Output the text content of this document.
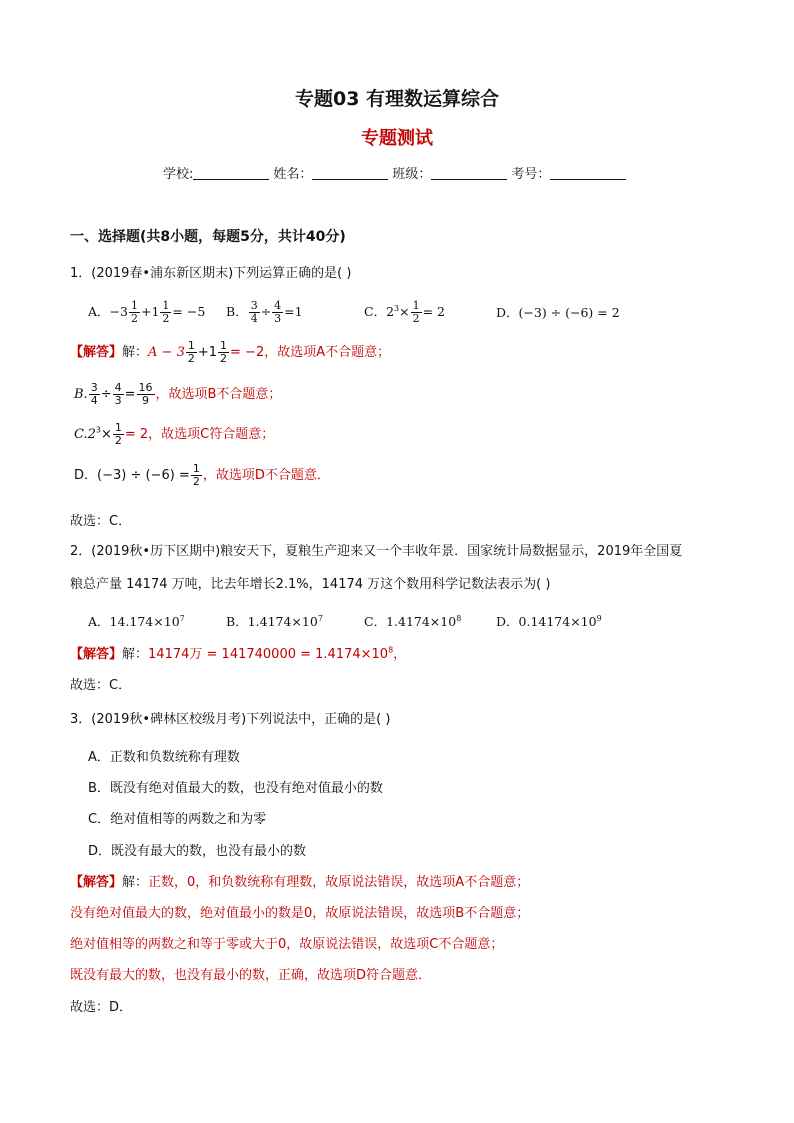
专题03 有理数运算综合
专题测试
学校:	姓名：	班级：	考号：
一、选择题(共8小题，每题5分，共计40分)
1．(2019春•浦东新区期末)下列运算正确的是( )
A．$-3 \frac{1}{2} +1 \frac{1}{2} = -5$ B． $\frac{3}{4} \div \frac{4}{3} =1$	C．$2^3\times \frac{1}{2} = 2$	D．(−3) ÷ (−6) = 2
【解答】解：$A - 3 \frac{1}{2} +1 \frac{1}{2} = -2$，故选项A不合题意；
B. $\frac{3}{4} \div \frac{4}{3} = \frac{16}{9}$ ，故选项B不合题意；
$C.2^3\times \frac{1}{2} = 2$，故选项C符合题意；
D．$(-3) \div (-6) = \frac{1}{2}$ ，故选项D不合题意．
故选：C．
2．(2019秋•历下区期中)粮安天下，夏粮生产迎来又一个丰收年景．国家统计局数据显示，2019年全国夏
粮总产量 14174 万吨，比去年增长2.1%，14174 万这个数用科学记数法表示为( )
A．$14.174\times 10^7$	B．$1.4174\times 10^7$	C．$1.4174\times 10^8$	D．$0.14174\times 10^9$
【解答】解：14174万 = $141740000 = 1.4174\times 10^8$，
故选：C．
3．(2019秋•碑林区校级月考)下列说法中，正确的是( )
A．正数和负数统称有理数
B．既没有绝对值最大的数，也没有绝对值最小的数
C．绝对值相等的两数之和为零
D．既没有最大的数，也没有最小的数
【解答】解：正数，0，和负数统称有理数，故原说法错误，故选项A不合题意；
没有绝对值最大的数，绝对值最小的数是0，故原说法错误，故选项B不合题意；
绝对值相等的两数之和等于零或大于0，故原说法错误，故选项C不合题意；
既没有最大的数，也没有最小的数，正确，故选项D符合题意．
故选：D．
